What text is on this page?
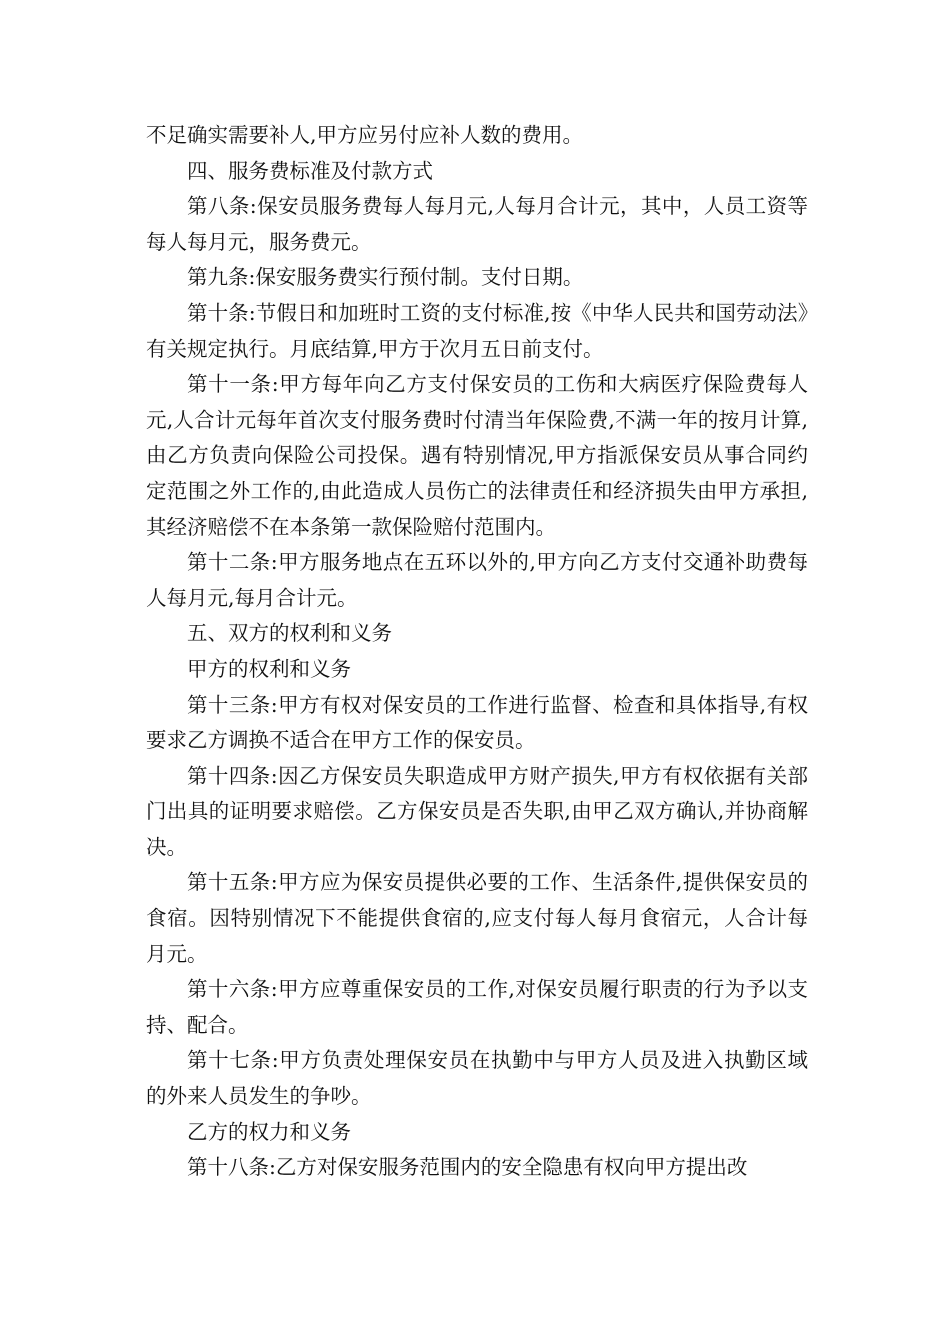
不足确实需要补人,甲方应另付应补人数的费用。

四、服务费标准及付款方式

第八条:保安员服务费每人每月元,人每月合计元，其中，人员工资等每人每月元，服务费元。

第九条:保安服务费实行预付制。支付日期。

第十条:节假日和加班时工资的支付标准,按《中华人民共和国劳动法》有关规定执行。月底结算,甲方于次月五日前支付。

第十一条:甲方每年向乙方支付保安员的工伤和大病医疗保险费每人元,人合计元每年首次支付服务费时付清当年保险费,不满一年的按月计算,由乙方负责向保险公司投保。遇有特别情况,甲方指派保安员从事合同约定范围之外工作的,由此造成人员伤亡的法律责任和经济损失由甲方承担,其经济赔偿不在本条第一款保险赔付范围内。

第十二条:甲方服务地点在五环以外的,甲方向乙方支付交通补助费每人每月元,每月合计元。

五、双方的权利和义务

甲方的权利和义务

第十三条:甲方有权对保安员的工作进行监督、检查和具体指导,有权要求乙方调换不适合在甲方工作的保安员。

第十四条:因乙方保安员失职造成甲方财产损失,甲方有权依据有关部门出具的证明要求赔偿。乙方保安员是否失职,由甲乙双方确认,并协商解决。

第十五条:甲方应为保安员提供必要的工作、生活条件,提供保安员的食宿。因特别情况下不能提供食宿的,应支付每人每月食宿元，人合计每月元。

第十六条:甲方应尊重保安员的工作,对保安员履行职责的行为予以支持、配合。

第十七条:甲方负责处理保安员在执勤中与甲方人员及进入执勤区域的外来人员发生的争吵。

乙方的权力和义务

第十八条:乙方对保安服务范围内的安全隐患有权向甲方提出改
